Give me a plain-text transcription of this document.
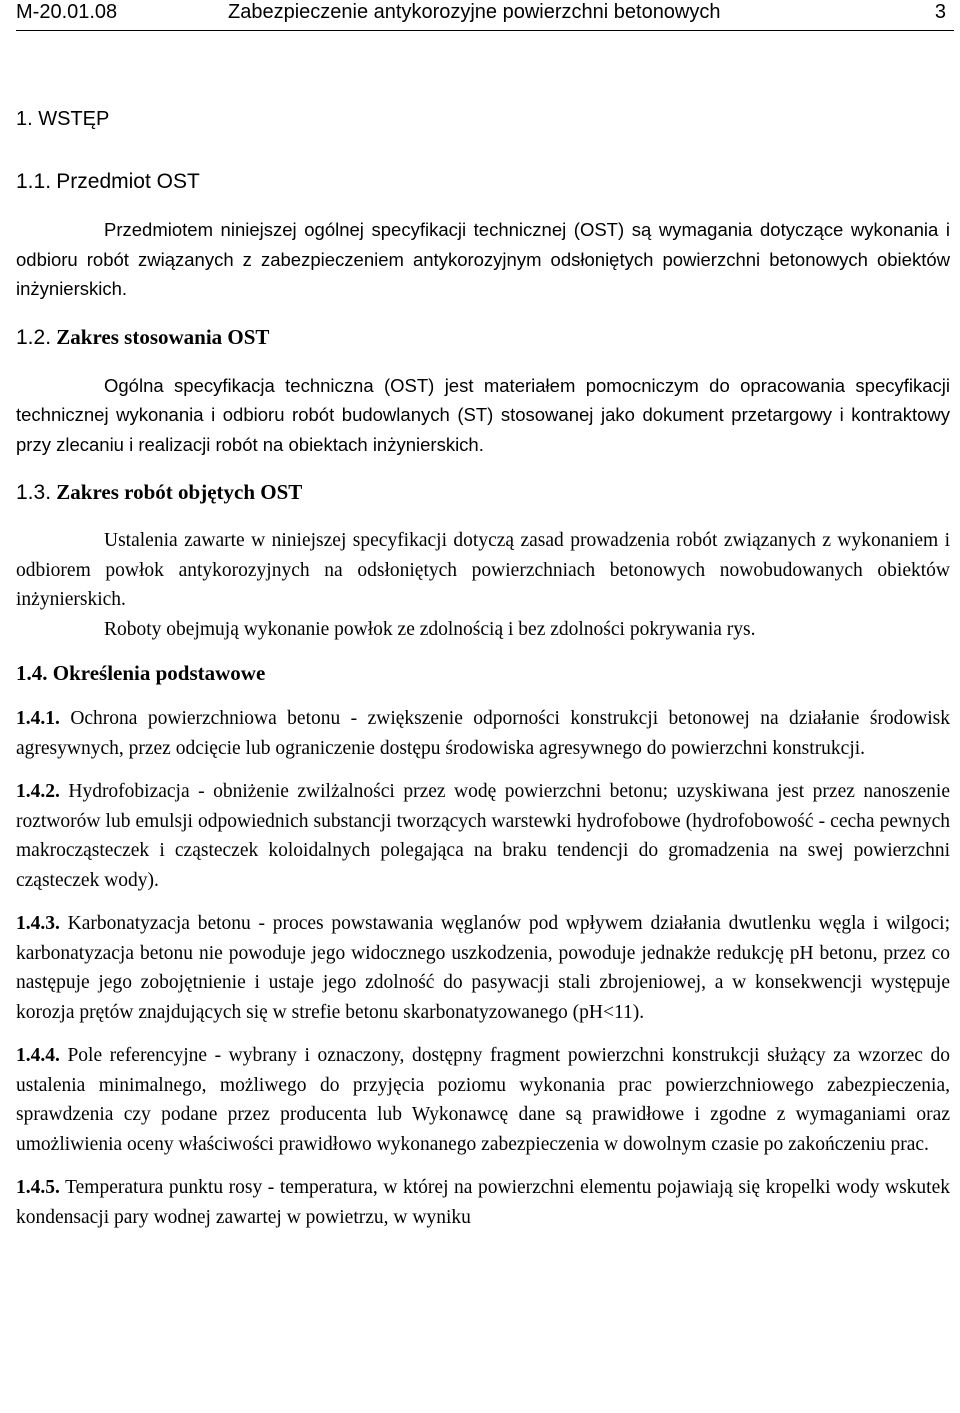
M-20.01.08	Zabezpieczenie antykorozyjne powierzchni betonowych	3
1. WSTĘP
1.1. Przedmiot OST

Przedmiotem niniejszej ogólnej specyfikacji technicznej (OST) są wymagania dotyczące wykonania i odbioru robót związanych z zabezpieczeniem antykorozyjnym odsłoniętych powierzchni betonowych obiektów inżynierskich.

1.2. Zakres stosowania OST

Ogólna specyfikacja techniczna (OST) jest materiałem pomocniczym do opracowania specyfikacji technicznej wykonania i odbioru robót budowlanych (ST) stosowanej jako dokument przetargowy i kontraktowy przy zlecaniu i realizacji robót na obiektach inżynierskich.

1.3. Zakres robót objętych OST

Ustalenia zawarte w niniejszej specyfikacji dotyczą zasad prowadzenia robót związanych z wykonaniem i odbiorem powłok antykorozyjnych na odsłoniętych powierzchniach betonowych nowobudowanych obiektów inżynierskich.

Roboty obejmują wykonanie powłok ze zdolnością i bez zdolności pokrywania rys.

1.4. Określenia podstawowe

1.4.1. Ochrona powierzchniowa betonu - zwiększenie odporności konstrukcji betonowej na działanie środowisk agresywnych, przez odcięcie lub ograniczenie dostępu środowiska agresywnego do powierzchni konstrukcji.

1.4.2. Hydrofobizacja - obniżenie zwilżalności przez wodę powierzchni betonu; uzyskiwana jest przez nanoszenie roztworów lub emulsji odpowiednich substancji tworzących warstewki hydrofobowe (hydrofobowość - cecha pewnych makrocząsteczek i cząsteczek koloidalnych polegająca na braku tendencji do gromadzenia na swej powierzchni cząsteczek wody).

1.4.3. Karbonatyzacja betonu - proces powstawania węglanów pod wpływem działania dwutlenku węgla i wilgoci; karbonatyzacja betonu nie powoduje jego widocznego uszkodzenia, powoduje jednakże redukcję pH betonu, przez co następuje jego zobojętnienie i ustaje jego zdolność do pasywacji stali zbrojeniowej, a w konsekwencji występuje korozja prętów znajdujących się w strefie betonu skarbonatyzowanego (pH<11).

1.4.4. Pole referencyjne - wybrany i oznaczony, dostępny fragment powierzchni konstrukcji służący za wzorzec do ustalenia minimalnego, możliwego do przyjęcia poziomu wykonania prac powierzchniowego zabezpieczenia, sprawdzenia czy podane przez producenta lub Wykonawcę dane są prawidłowe i zgodne z wymaganiami oraz umożliwienia oceny właściwości prawidłowo wykonanego zabezpieczenia w dowolnym czasie po zakończeniu prac.

1.4.5. Temperatura punktu rosy - temperatura, w której na powierzchni elementu pojawiają się kropelki wody wskutek kondensacji pary wodnej zawartej w powietrzu, w wyniku
